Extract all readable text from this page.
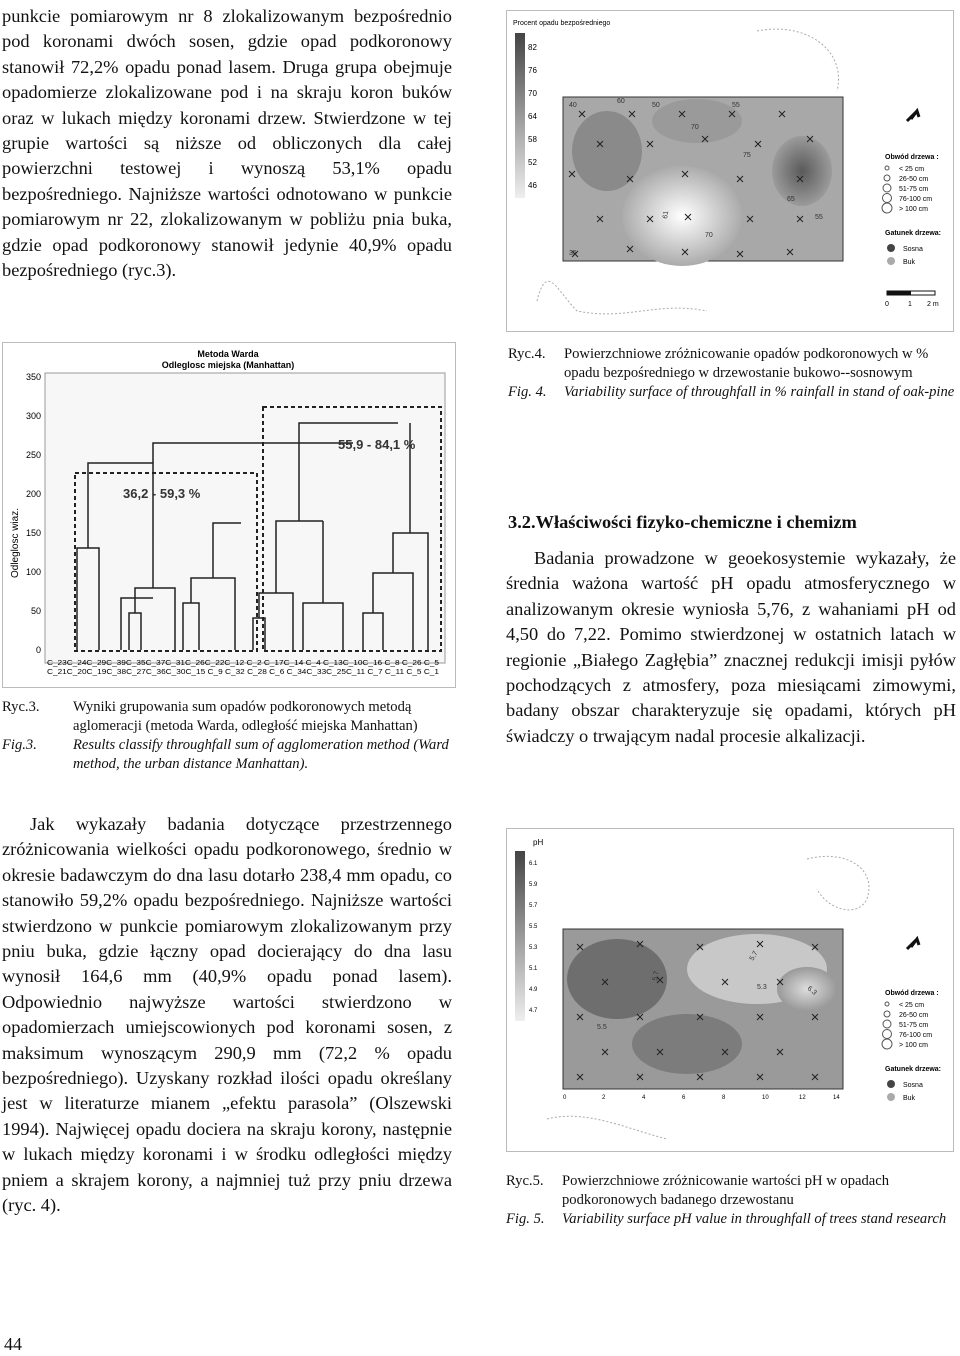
punkcie pomiarowym nr 8 zlokalizowanym bezpośrednio pod koronami dwóch sosen, gdzie opad podkoronowy stanowił 72,2% opadu ponad lasem. Druga grupa obejmuje opadomierze zlokalizowane pod i na skraju koron buków oraz w lukach między koronami drzew. Stwierdzone w tej grupie wartości są niższe od obliczonych dla całej powierzchni testowej i wynoszą 53,1% opadu bezpośredniego. Najniższe wartości odnotowano w punkcie pomiarowym nr 22, zlokalizowanym w pobliżu pnia buka, gdzie opad podkoronowy stanowił jedynie 40,9% opadu bezpośredniego (ryc.3).

Metoda Warda
Odleglosc miejska (Manhattan)
Odleglosc wiaz.
0
50
100
150
200
250
300
350
36,2 - 59,3 %
55,9 - 84,1 %
C_23C_24C_29C_39C_35C_37C_31C_26C_22C_12 C_2 C_17C_14 C_4 C_13C_10C_16 C_8 C_26 C_5
C_21C_20C_19C_38C_27C_36C_30C_15 C_9 C_32 C_28 C_6 C_34C_33C_25C_11 C_7 C_11 C_5 C_1
Ryc.3.	Wyniki grupowania sum opadów podkoronowych metodą aglomeracji (metoda Warda, odległość miejska Manhattan)
Fig.3.	Results classify throughfall sum of agglomeration method (Ward method, the urban distance Manhattan).

Jak wykazały badania dotyczące przestrzennego zróżnicowania wielkości opadu podkoronowego, średnio w okresie badawczym do dna lasu dotarło 238,4 mm opadu, co stanowiło 59,2% opadu bezpośredniego. Najniższe wartości stwierdzono w punkcie pomiarowym zlokalizowanym przy pniu buka, gdzie łączny opad docierający do dna lasu wynosił 164,6 mm (40,9% opadu ponad lasem). Odpowiednio najwyższe wartości stwierdzono w opadomierzach umiejscowionych pod koronami sosen, z maksimum wynoszącym 290,9 mm (72,2 % opadu bezpośredniego). Uzyskany rozkład ilości opadu określany jest w literaturze mianem „efektu parasola” (Olszewski 1994). Najwięcej opadu dociera na skraju korony, następnie w lukach między koronami i w środku odległości między pniem a skrajem korony, a najmniej tuż przy pniu drzewa (ryc. 4).

Procent opadu bezpośredniego
82
76
70
64
58
52
46
40	50
61
70
75
70
65
55
35
60
55
Obwód drzewa :
< 25 cm
26-50 cm
51-75 cm
76-100 cm
> 100 cm
Gatunek drzewa:
Sosna
Buk
0	1 2 m
Ryc.4.	Powierzchniowe zróżnicowanie opadów podkoronowych w % opadu bezpośredniego w drzewostanie bukowo--sosnowym
Fig. 4.	Variability surface of throughfall in % rainfall in stand of oak-pine
3.2.Właściwości fizyko-chemiczne i chemizm

Badania prowadzone w geoekosystemie wykazały, że średnia ważona wartość pH opadu atmosferycznego w analizowanym okresie wyniosła 5,76, z wahaniami pH od 4,50 do 7,22. Pomimo stwierdzonej w ostatnich latach w regionie „Białego Zagłębia” znacznej redukcji imisji pyłów pochodzących z atmosfery, poza miesiącami zimowymi, badany obszar charakteryzuje się opadami, których pH świadczy o trwającym nadal procesie alkalizacji.

pH
6.1
5.9
5.7
5.5
5.3
5.1
4.9
4.7
5.7
5.7
5.3	6.3
5.5
0	2	4	6	8	10	12	14
Obwód drzewa :
< 25 cm
26-50 cm
51-75 cm
76-100 cm
> 100 cm
Gatunek drzewa:
Sosna
Buk
Ryc.5.	Powierzchniowe zróżnicowanie wartości pH w opadach podkoronowych badanego drzewostanu
Fig. 5.	Variability surface pH value in throughfall of trees stand research
44
